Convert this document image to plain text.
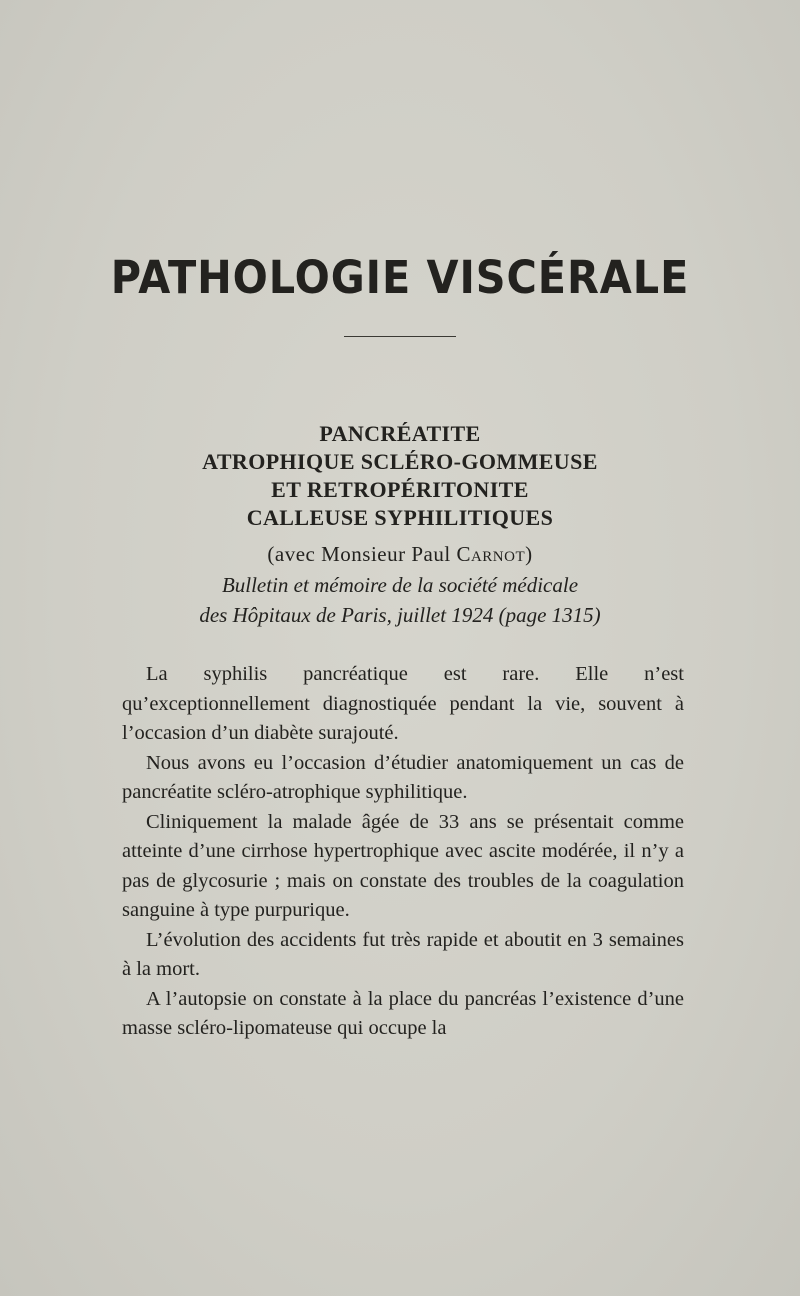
PATHOLOGIE VISCÉRALE
PANCRÉATITE
ATROPHIQUE SCLÉRO-GOMMEUSE
ET RETROPÉRITONITE
CALLEUSE SYPHILITIQUES
(avec Monsieur Paul Carnot)
Bulletin et mémoire de la société médicale
des Hôpitaux de Paris, juillet 1924 (page 1315)

La syphilis pancréatique est rare. Elle n’est qu’exceptionnellement diagnostiquée pendant la vie, souvent à l’occasion d’un diabète surajouté.

Nous avons eu l’occasion d’étudier anatomiquement un cas de pancréatite scléro-atrophique syphilitique.

Cliniquement la malade âgée de 33 ans se présentait comme atteinte d’une cirrhose hypertrophique avec ascite modérée, il n’y a pas de glycosurie ; mais on constate des troubles de la coagulation sanguine à type purpurique.

L’évolution des accidents fut très rapide et aboutit en 3 semaines à la mort.

A l’autopsie on constate à la place du pancréas l’existence d’une masse scléro-lipomateuse qui occupe la
